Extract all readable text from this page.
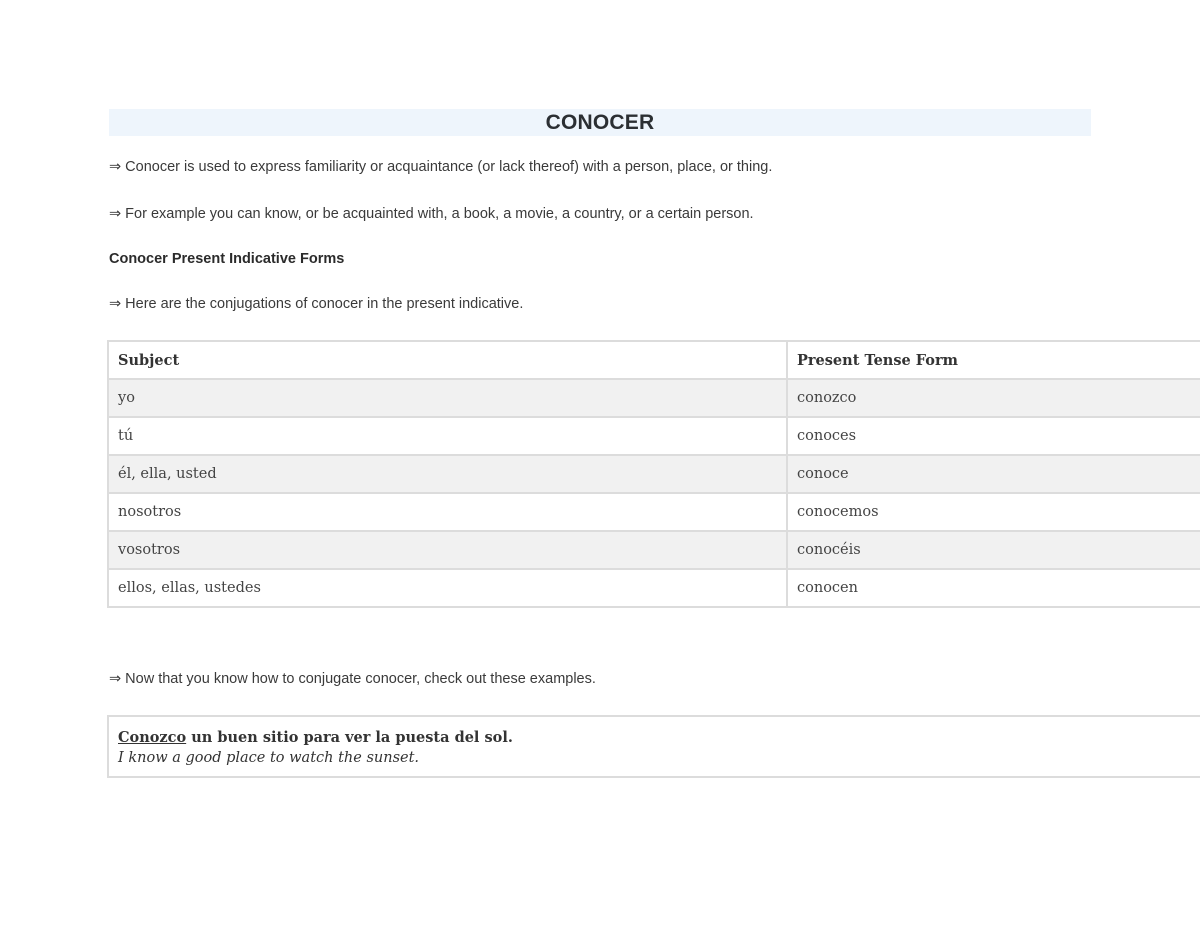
CONOCER
⇒ Conocer is used to express familiarity or acquaintance (or lack thereof) with a person, place, or thing.
⇒ For example you can know, or be acquainted with, a book, a movie, a country, or a certain person.
Conocer Present Indicative Forms
⇒ Here are the conjugations of conocer in the present indicative.
Subject	Present Tense Form
yo	conozco
tú	conoces
él, ella, usted	conoce
nosotros	conocemos
vosotros	conocéis
ellos, ellas, ustedes	conocen
⇒ Now that you know how to conjugate conocer, check out these examples.
Conozco un buen sitio para ver la puesta del sol.
I know a good place to watch the sunset.
